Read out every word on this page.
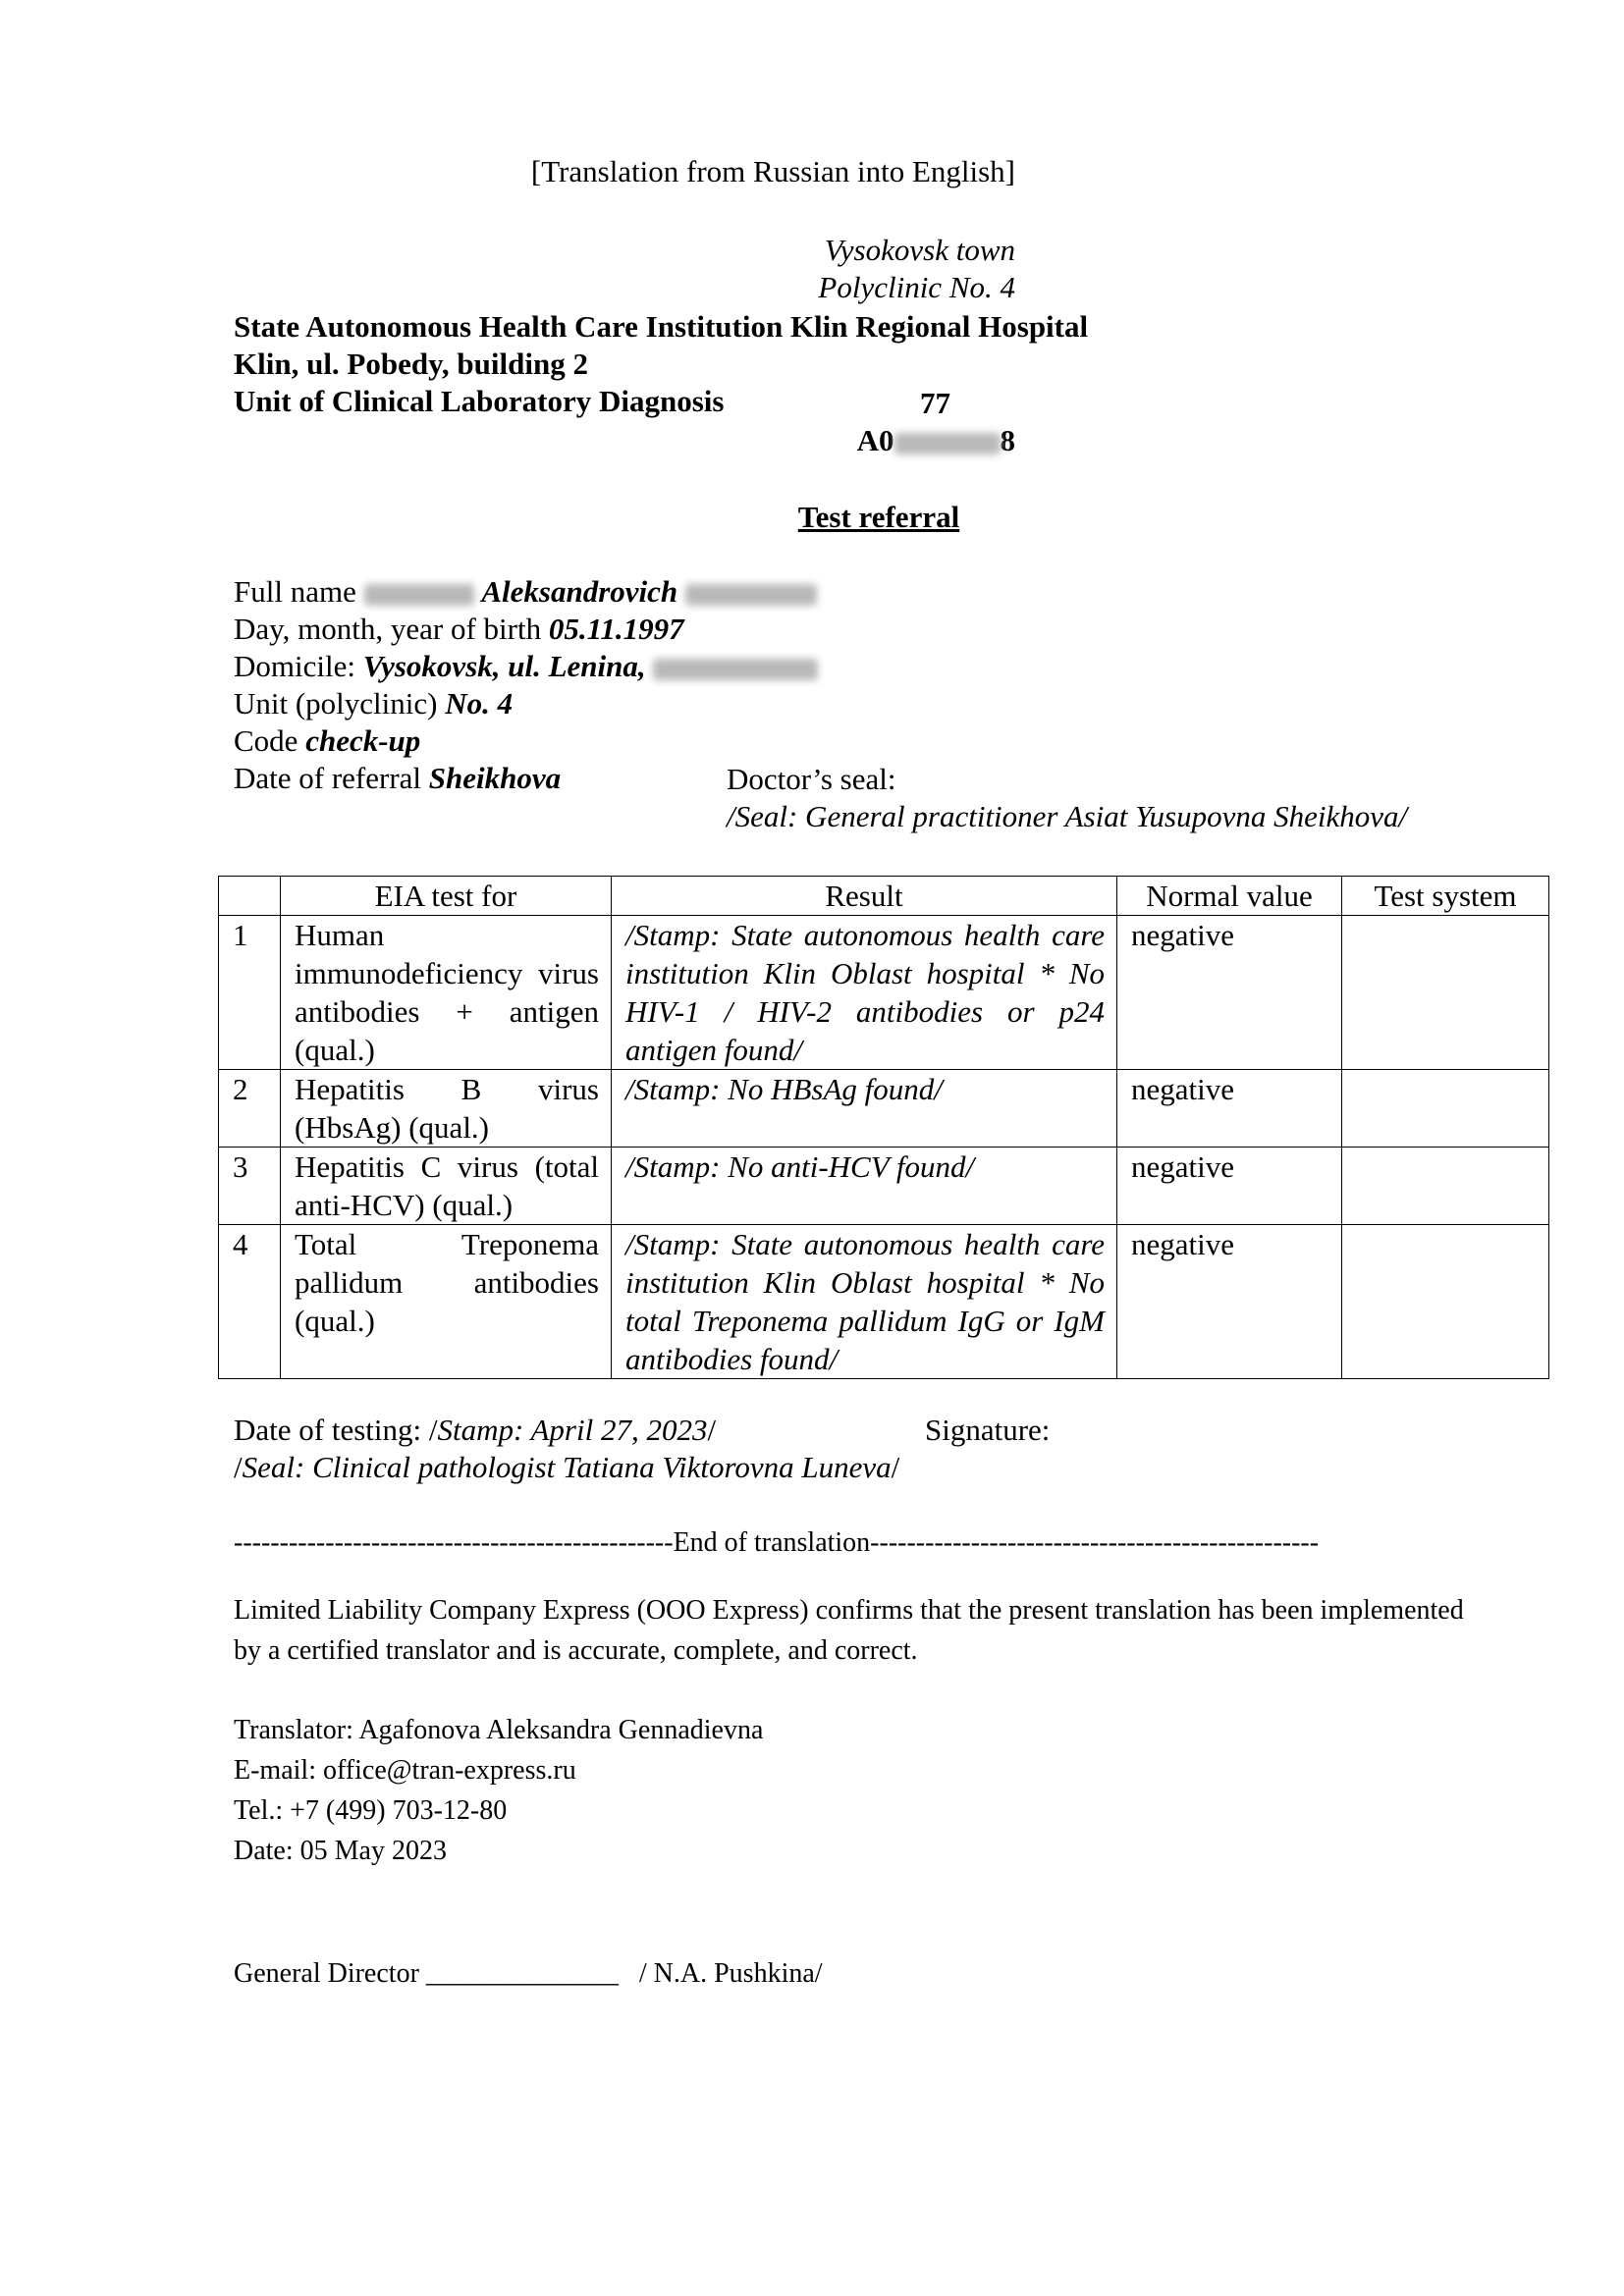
[Translation from Russian into English]
Vysokovsk town
Polyclinic No. 4
State Autonomous Health Care Institution Klin Regional Hospital
Klin, ul. Pobedy, building 2
Unit of Clinical Laboratory Diagnosis	77
A0	8
Test referral
Full name	Aleksandrovich
Day, month, year of birth 05.11.1997
Domicile: Vysokovsk, ul. Lenina,
Unit (polyclinic) No. 4
Code check-up
Date of referral Sheikhova	Doctor’s seal:
/Seal: General practitioner Asiat Yusupovna Sheikhova/
	EIA test for	Result	Normal value	Test system
1	Human immunodeficiency virus antibodies + antigen (qual.)	/Stamp: State autonomous health care institution Klin Oblast hospital * No HIV-1 / HIV-2 antibodies or p24 antigen found/	negative	
2	Hepatitis B virus (HbsAg) (qual.)	/Stamp: No HBsAg found/	negative	
3	Hepatitis C virus (total anti-HCV) (qual.)	/Stamp: No anti-HCV found/	negative	
4	Total Treponema pallidum antibodies (qual.)	/Stamp: State autonomous health care institution Klin Oblast hospital * No total Treponema pallidum IgG or IgM antibodies found/	negative	
Date of testing: /Stamp: April 27, 2023/
/Seal: Clinical pathologist Tatiana Viktorovna Luneva/
Signature:
------------------------------------------------End of translation-------------------------------------------------
Limited Liability Company Express (OOO Express) confirms that the present translation has been implemented by a certified translator and is accurate, complete, and correct.
Translator: Agafonova Aleksandra Gennadievna
E-mail: office@tran-express.ru
Tel.: +7 (499) 703-12-80
Date: 05 May 2023
General Director ______________   / N.A. Pushkina/
